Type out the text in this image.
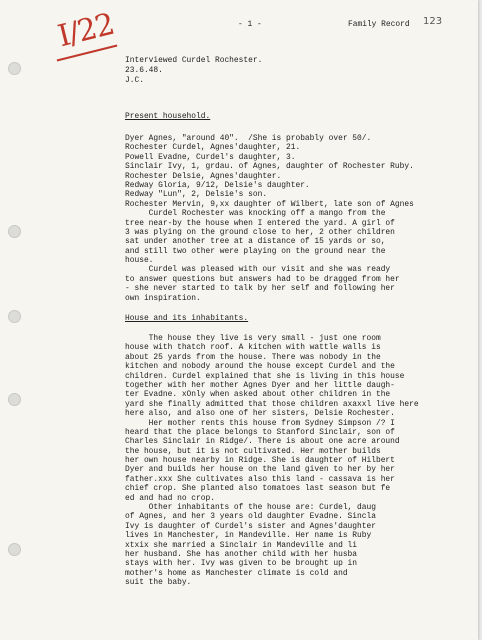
I/22	- 1 -	Family Record 123
Interviewed Curdel Rochester.
23.6.48.
J.C.
Present household.
Dyer Agnes, "around 40".  /She is probably over 50/.
Rochester Curdel, Agnes'daughter, 21.
Powell Evadne, Curdel's daughter, 3.
Sinclair Ivy, 1, grdau. of Agnes, daughter of Rochester Ruby.
Rochester Delsie, Agnes'daughter.
Redway Gloria, 9/12, Delsie's daughter.
Redway "Lun", 2, Delsie's son.
Rochester Mervin, 9,xx daughter of Wilbert, late son of Agnes
Curdel Rochester was knocking off a mango from the
tree near-by the house when I entered the yard. A girl of
3 was plying on the ground close to her, 2 other children
sat under another tree at a distance of 15 yards or so,
and still two other were playing on the ground near the
house.
Curdel was pleased with our visit and she was ready
to answer questions but answers had to be dragged from her
- she never started to talk by her self and following her
own inspiration.
House and its inhabitants.
The house they live is very small - just one room
house with thatch roof. A kitchen with wattle walls is
about 25 yards from the house. There was nobody in the
kitchen and nobody around the house except Curdel and the
children. Curdel explained that she is living in this house
together with her mother Agnes Dyer and her little daugh-
ter Evadne. xOnly when asked about other children in the
yard she finally admitted that those children axaxxl live here
here also, and also one of her sisters, Delsie Rochester.
Her mother rents this house from Sydney Simpson /? I
heard that the place belongs to Stanford Sinclair, son of
Charles Sinclair in Ridge/. There is about one acre around
the house, but it is not cultivated. Her mother builds
her own house nearby in Ridge. She is daughter of Hilbert
Dyer and builds her house on the land given to her by her
father.xxx She cultivates also this land - cassava is her
chief crop. She planted also tomatoes last season but fe
ed and had no crop.
Other inhabitants of the house are: Curdel, daug
of Agnes, and her 3 years old daughter Evadne. Sincla
Ivy is daughter of Curdel's sister and Agnes'daughter
lives in Manchester, in Mandeville. Her name is Ruby
xtxix she married a Sinclair in Mandeville and li
her husband. She has another child with her husba
stays with her. Ivy was given to be brought up in
mother's home as Manchester climate is cold and
suit the baby.
